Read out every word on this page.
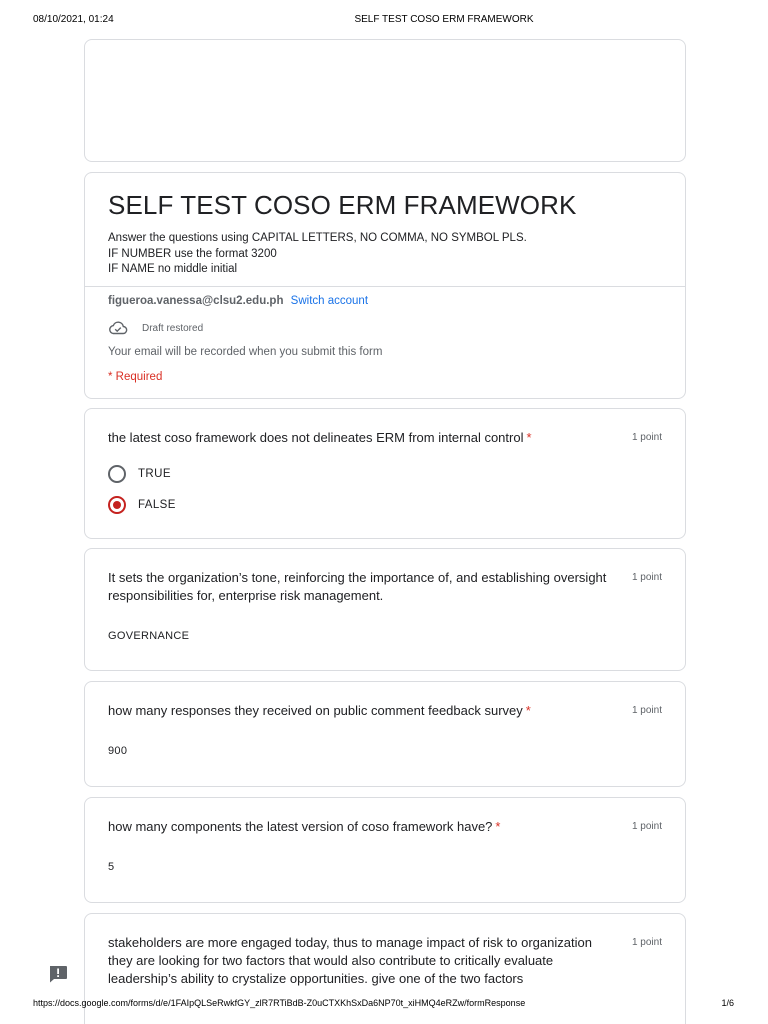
08/10/2021, 01:24	SELF TEST COSO ERM FRAMEWORK
SELF TEST COSO ERM FRAMEWORK
Answer the questions using CAPITAL LETTERS, NO COMMA, NO SYMBOL PLS.
IF NUMBER use the format 3200
IF NAME no middle initial
figueroa.vanessa@clsu2.edu.ph Switch account
Draft restored
Your email will be recorded when you submit this form
* Required
the latest coso framework does not delineates ERM from internal control *	1 point
TRUE
FALSE
It sets the organization’s tone, reinforcing the importance of, and establishing oversight responsibilities for, enterprise risk management.
1 point
GOVERNANCE
how many responses they received on public comment feedback survey *	1 point
900
how many components the latest version of coso framework have? *	1 point
5
stakeholders are more engaged today, thus to manage impact of risk to organization they are looking for two factors that would also contribute to critically evaluate leadership’s ability to crystalize opportunities. give one of the two factors
1 point
https://docs.google.com/forms/d/e/1FAIpQLSeRwkfGY_zlR7RTiBdB-Z0uCTXKhSxDa6NP70t_xiHMQ4eRZw/formResponse	1/6
